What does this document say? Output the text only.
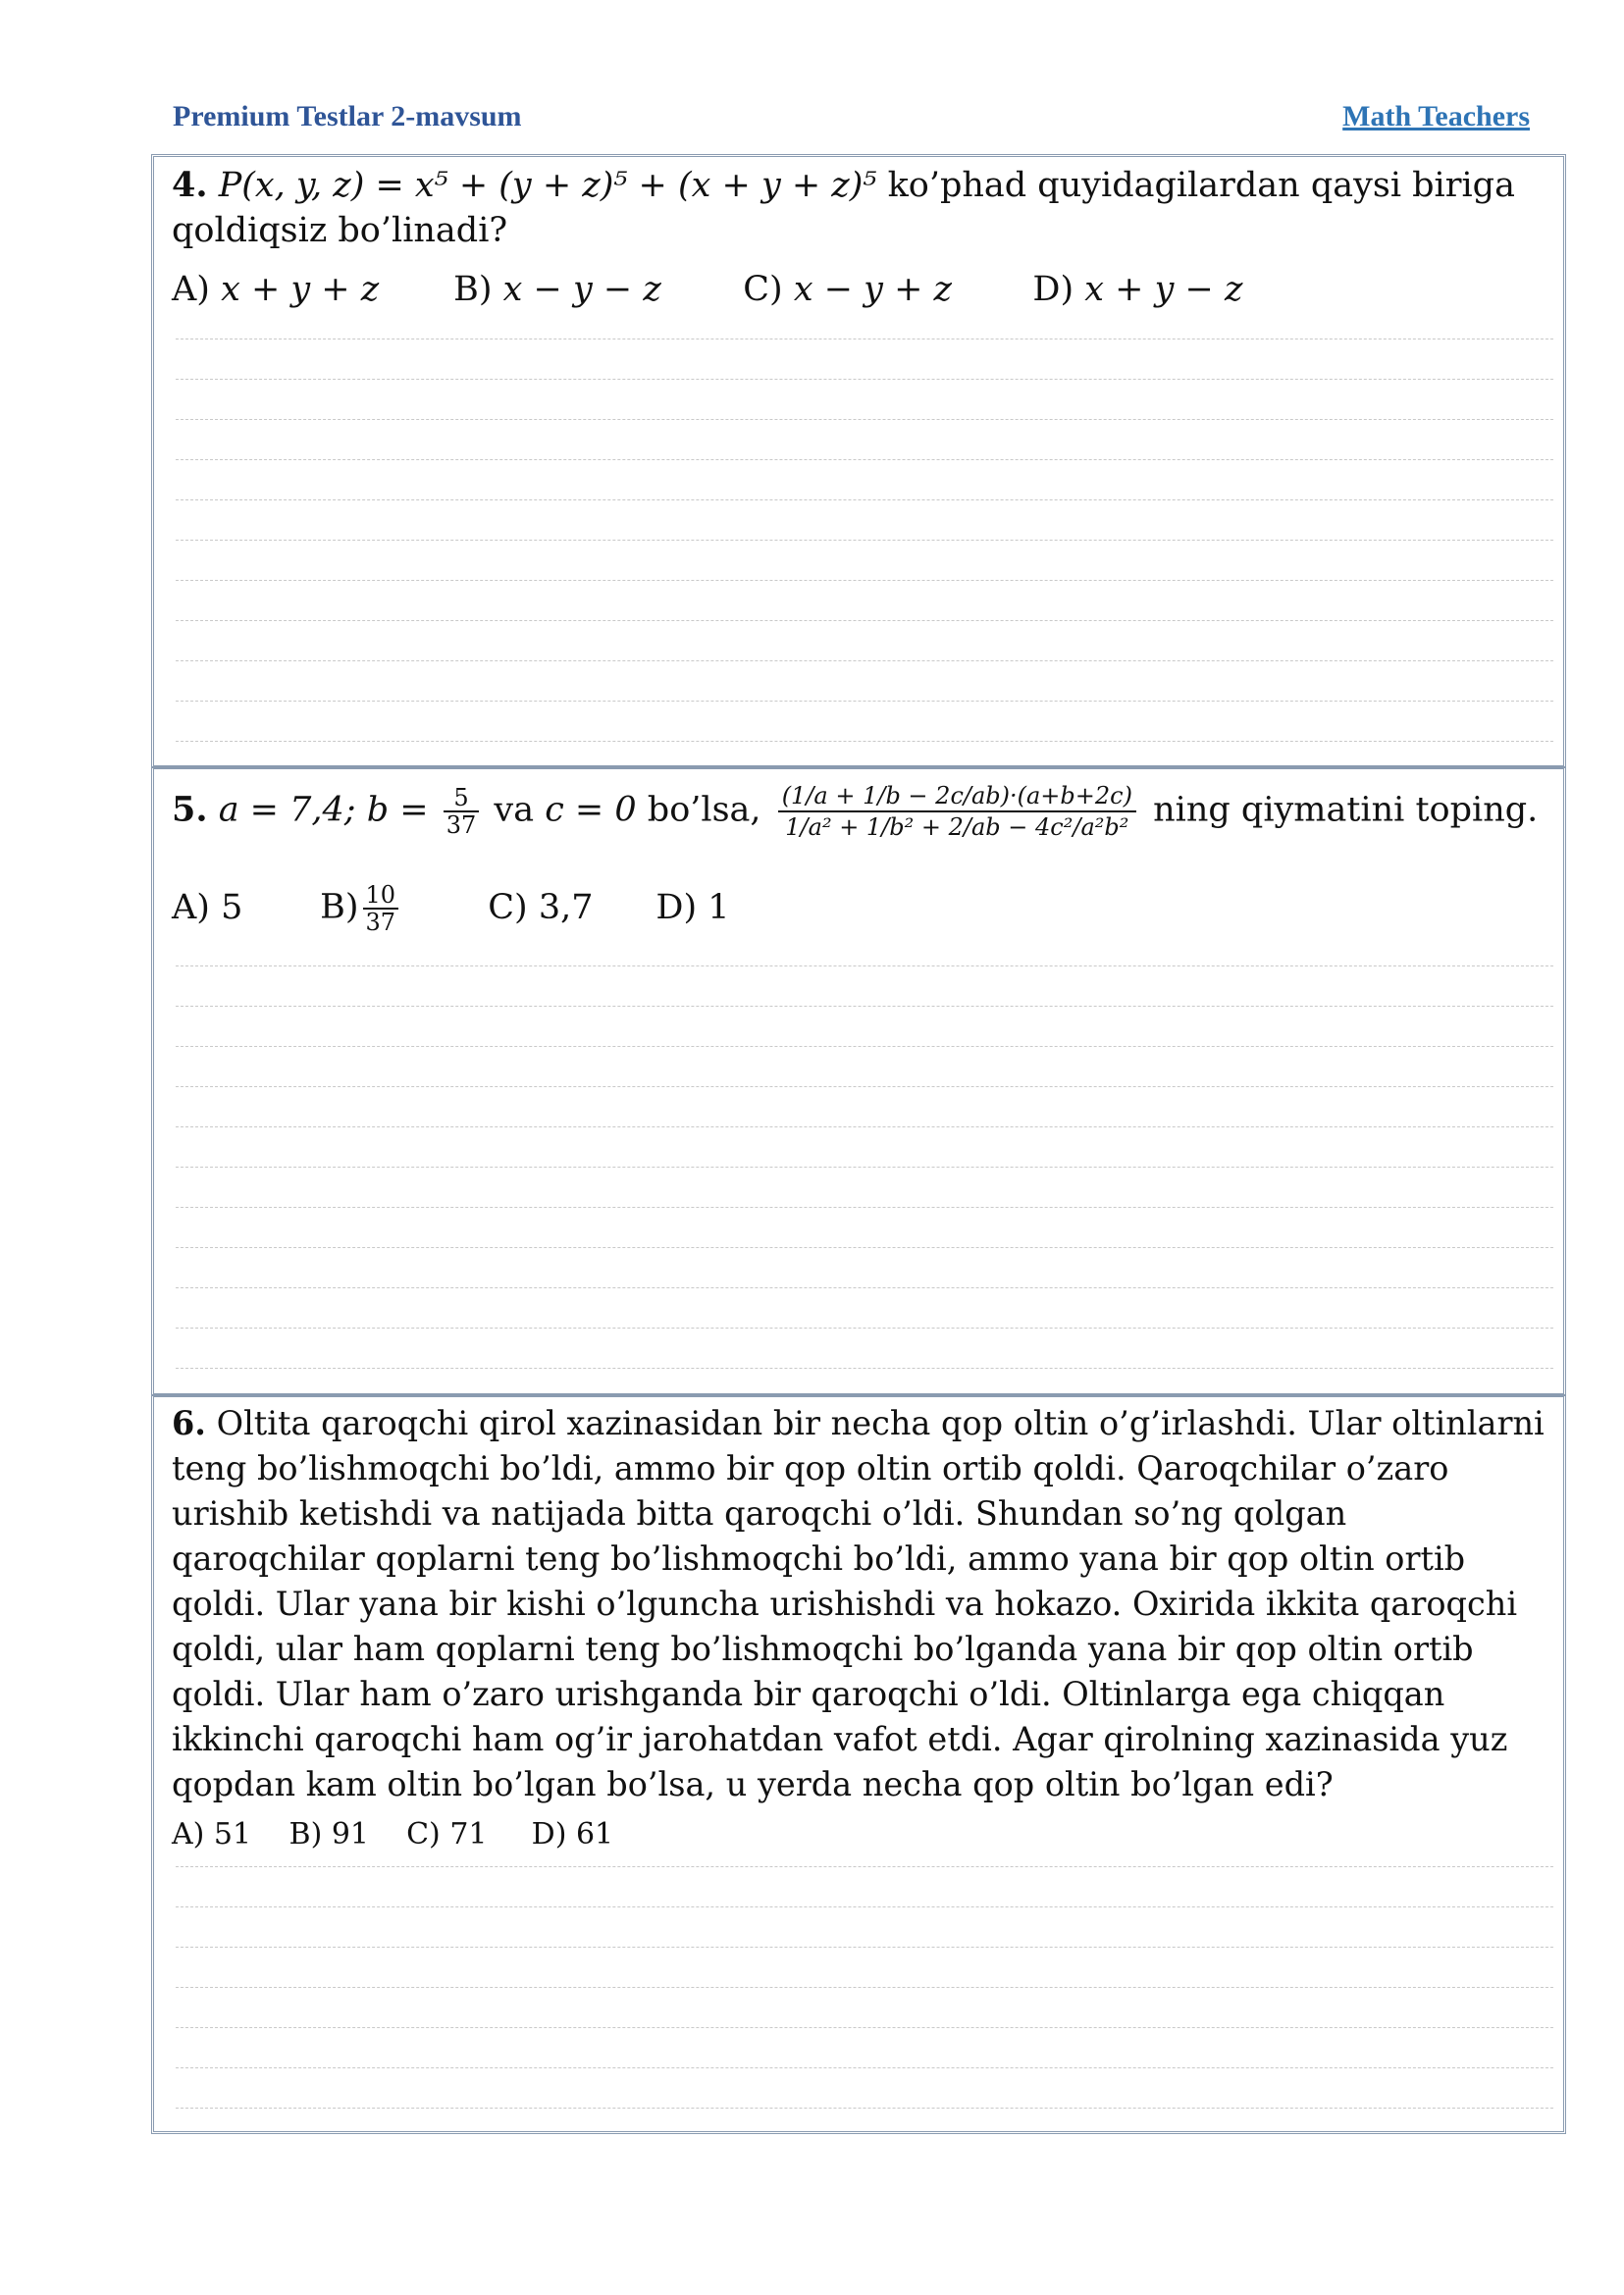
Premium Testlar 2-mavsum	Math Teachers
4. P(x, y, z) = x⁵ + (y + z)⁵ + (x + y + z)⁵ ko’phad quyidagilardan qaysi biriga qoldiqsiz bo’linadi?
A) x + y + z B) x − y − z C) x − y + z D) x + y − z
5. a = 7,4; $b = \frac{5}{37}$ va c = 0 bo’lsa, $\frac{(1/a + 1/b - 2c/ab)\cdot(a+b+2c)}{\text{1/a² + 1/b² + 2/ab − 4c²/a²b²}}$ ning qiymatini toping.
A) 5 $B) \frac{10}{37}$	C) 3,7 D) 1
6. Oltita qaroqchi qirol xazinasidan bir necha qop oltin o’g’irlashdi. Ular oltinlarni teng bo’lishmoqchi bo’ldi, ammo bir qop oltin ortib qoldi. Qaroqchilar o’zaro urishib ketishdi va natijada bitta qaroqchi o’ldi. Shundan so’ng qolgan qaroqchilar qoplarni teng bo’lishmoqchi bo’ldi, ammo yana bir qop oltin ortib qoldi. Ular yana bir kishi o’lguncha urishishdi va hokazo. Oxirida ikkita qaroqchi qoldi, ular ham qoplarni teng bo’lishmoqchi bo’lganda yana bir qop oltin ortib qoldi. Ular ham o’zaro urishganda bir qaroqchi o’ldi. Oltinlarga ega chiqqan ikkinchi qaroqchi ham og’ir jarohatdan vafot etdi. Agar qirolning xazinasida yuz qopdan kam oltin bo’lgan bo’lsa, u yerda necha qop oltin bo’lgan edi?
A) 51 B) 91 C) 71 D) 61
